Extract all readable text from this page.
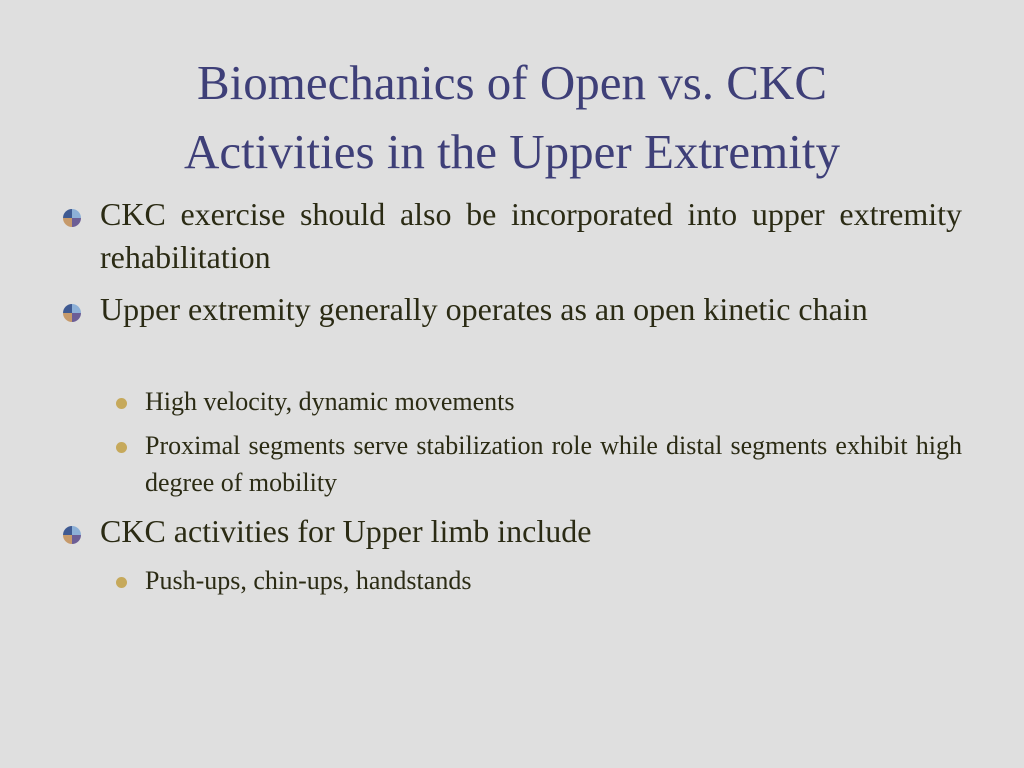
Biomechanics of Open vs. CKC
Activities in the Upper Extremity
CKC exercise should also be incorporated into upper extremity rehabilitation
Upper extremity generally operates as an open kinetic chain
High velocity, dynamic movements
Proximal segments serve stabilization role while distal segments exhibit high degree of mobility
CKC activities for Upper limb include
Push-ups, chin-ups, handstands
